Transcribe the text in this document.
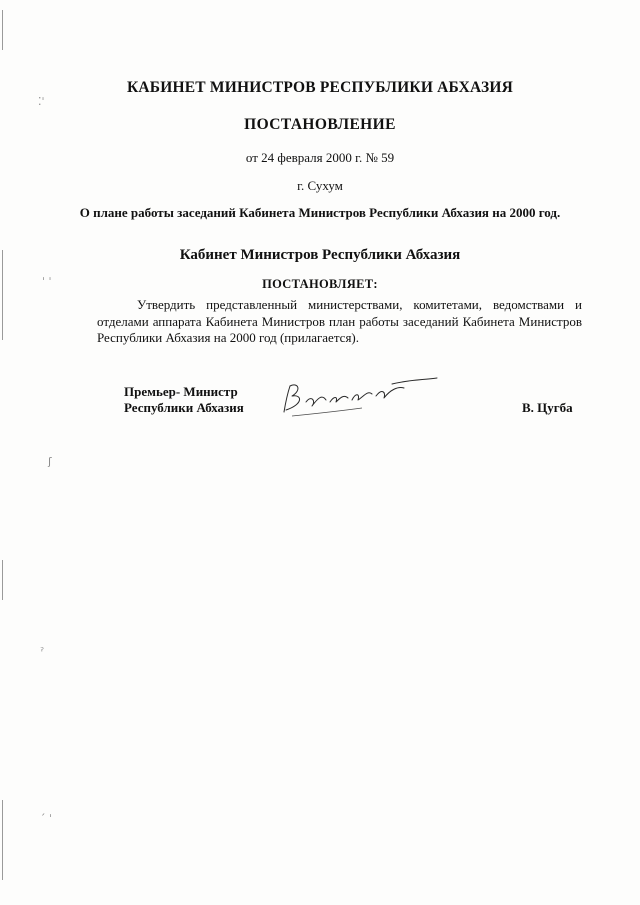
⁚ˈ
ˈ ˈ
ʃ
ˀ
ˊ ˈ
КАБИНЕТ МИНИСТРОВ РЕСПУБЛИКИ АБХАЗИЯ
ПОСТАНОВЛЕНИЕ
от 24 февраля 2000 г. № 59
г. Сухум
О плане работы заседаний Кабинета Министров Республики Абхазия на 2000 год.
Кабинет Министров Республики Абхазия
ПОСТАНОВЛЯЕТ:
Утвердить представленный министерствами, комитетами, ведомствами и отделами аппарата Кабинета Министров план работы заседаний Кабинета Министров Республики Абхазия на 2000 год (прилагается).
Премьер- Министр
Республики Абхазия	В. Цугба
